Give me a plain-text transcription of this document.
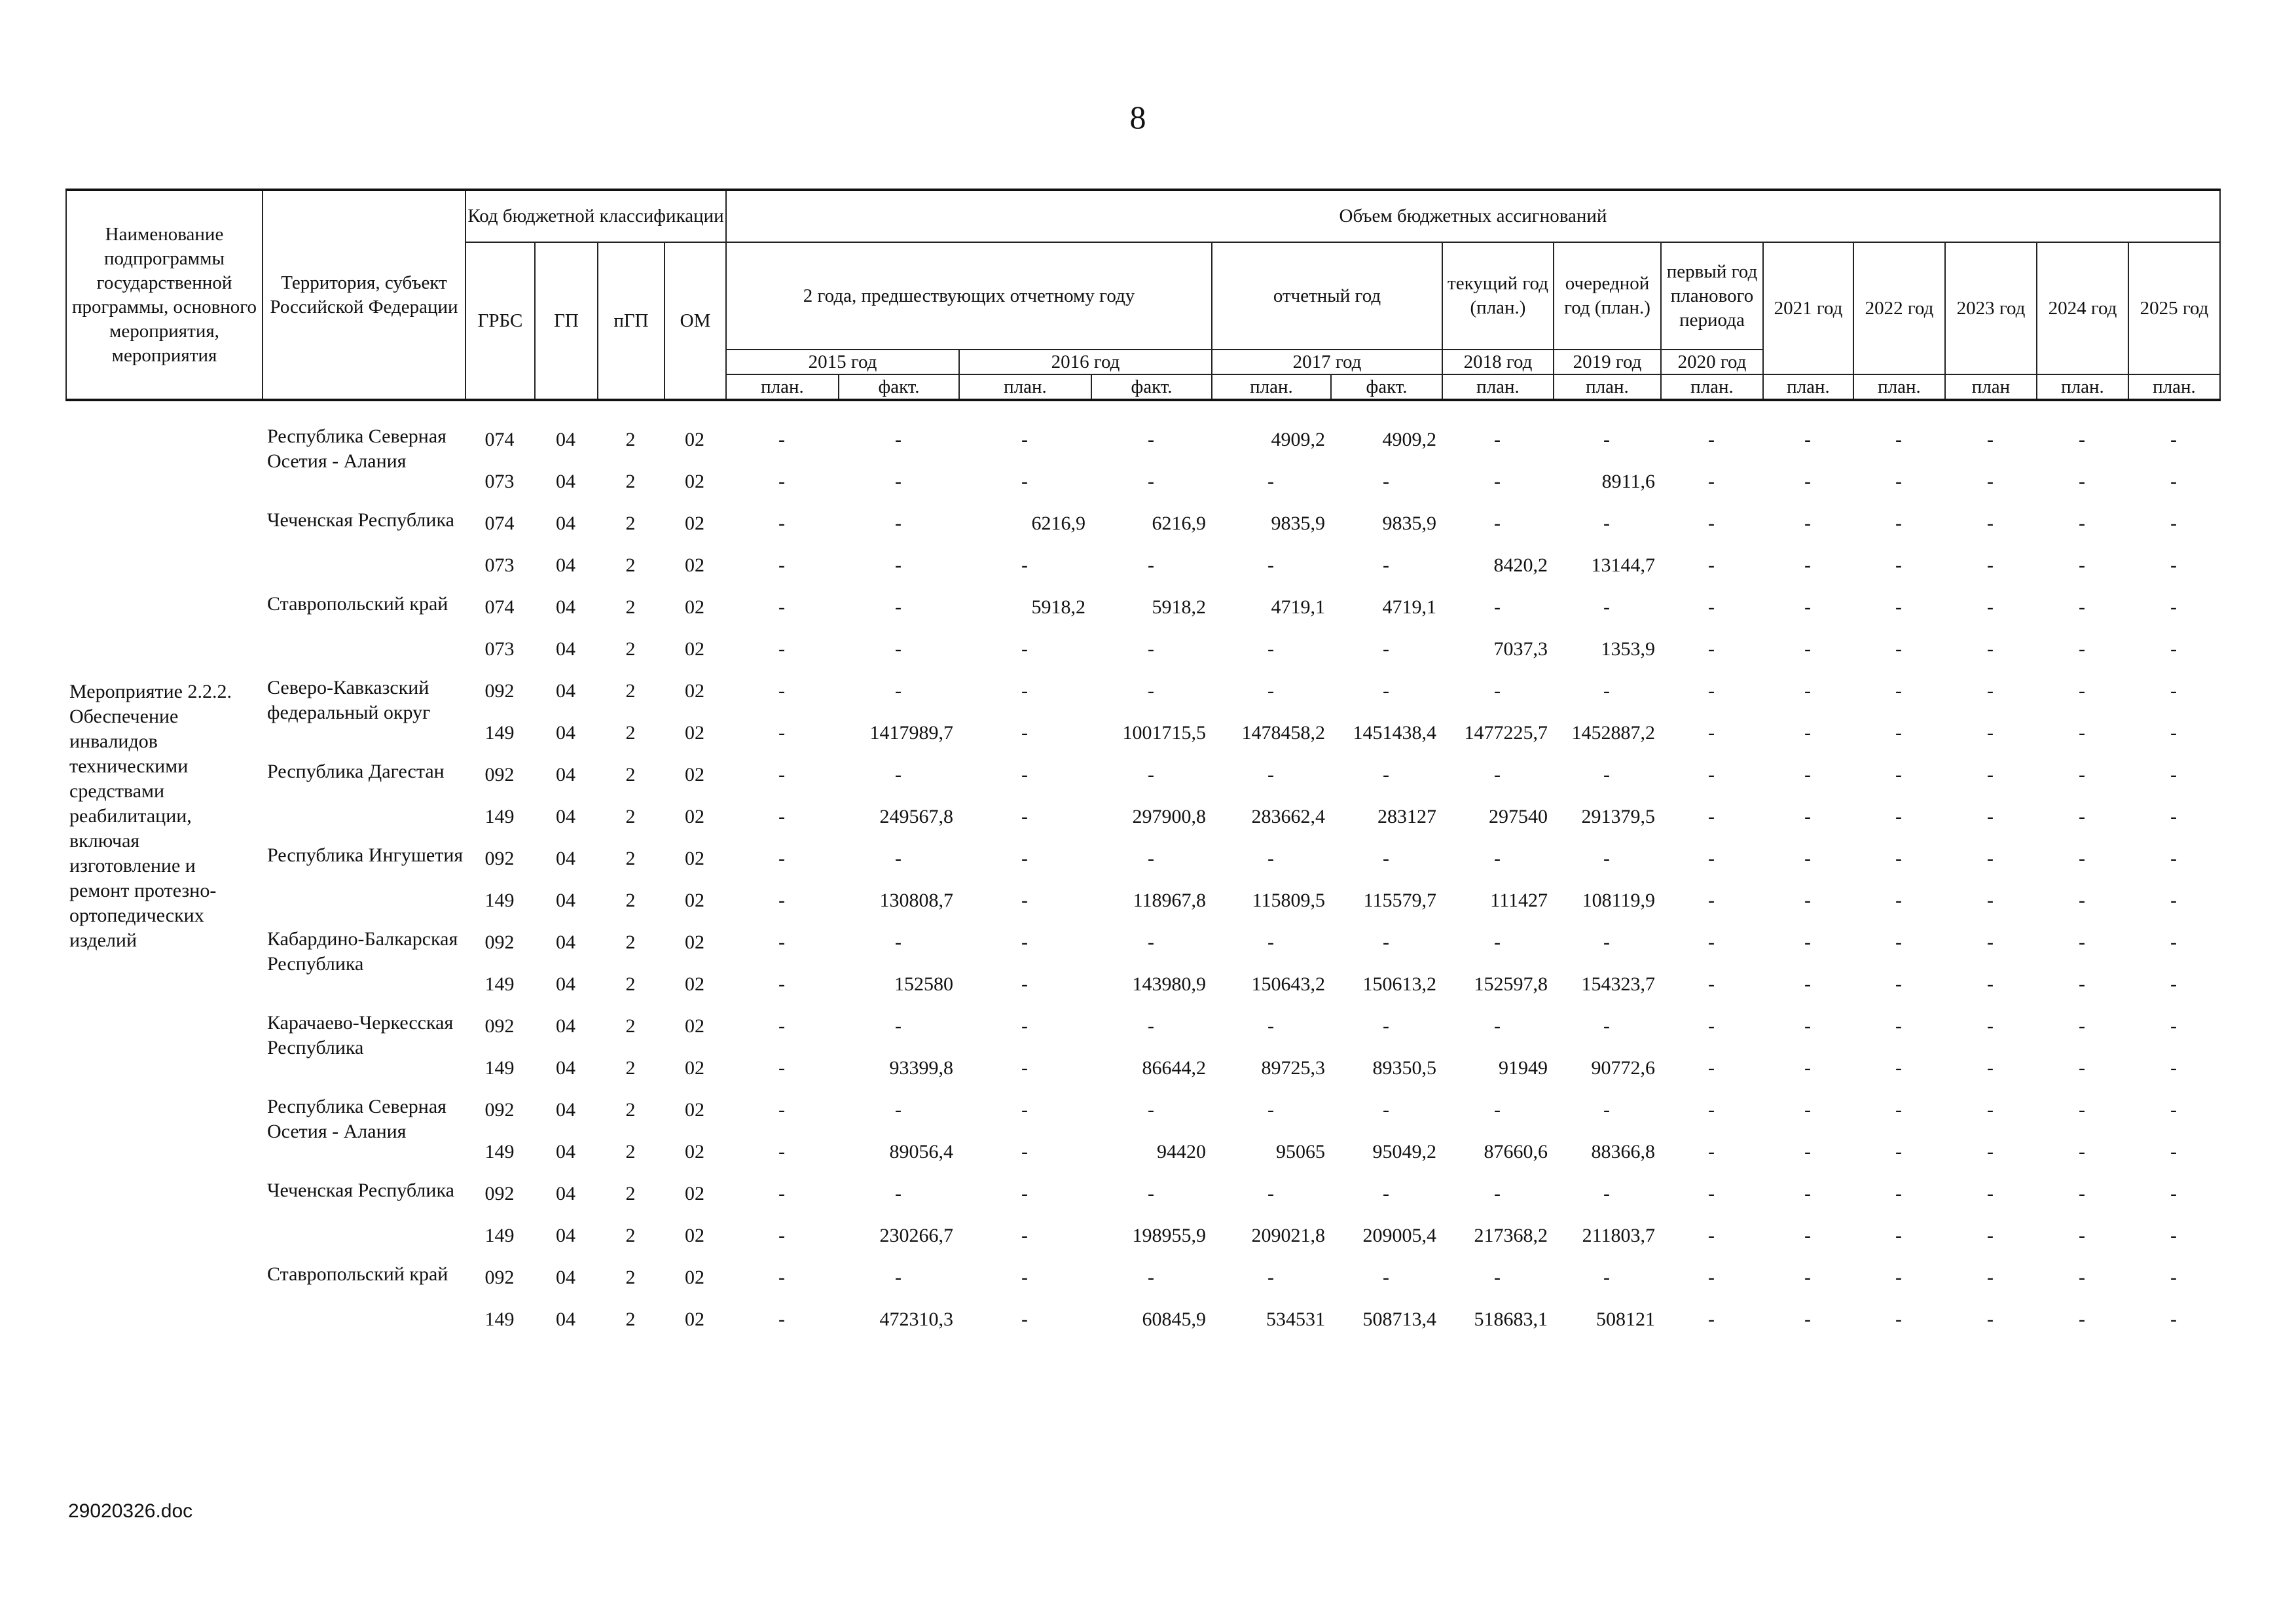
8
Наименование подпрограммы государственной программы, основного мероприятия, мероприятия	Территория, субъект Российской Федерации	Код бюджетной классификации				Объем бюджетных ассигнований													
		ГРБС	ГП	пГП	ОМ	2 года, предшествующих отчетному году				отчетный год		текущий год (план.)	очередной год (план.)	первый год планового периода	2021 год	2022 год	2023 год	2024 год	2025 год
						2015 год		2016 год		2017 год		2018 год	2019 год	2020 год					

						план.	факт.	план.	факт.	план.	факт.	план.	план.	план.	план.	план.	план	план.	план.
Мероприятие 2.2.2. Обеспечение инвалидов техническими средствами реабилитации, включая изготовление и ремонт протезно-ортопедических изделий	Республика Северная Осетия - Алания	074	04	2	02	-	-	-	-	4909,2	4909,2	-	-	-	-	-	-	-	-
		073	04	2	02	-	-	-	-	-	-	-	8911,6	-	-	-	-	-	-
	Чеченская Республика	074	04	2	02	-	-	6216,9	6216,9	9835,9	9835,9	-	-	-	-	-	-	-	-
		073	04	2	02	-	-	-	-	-	-	8420,2	13144,7	-	-	-	-	-	-
	Ставропольский край	074	04	2	02	-	-	5918,2	5918,2	4719,1	4719,1	-	-	-	-	-	-	-	-
		073	04	2	02	-	-	-	-	-	-	7037,3	1353,9	-	-	-	-	-	-
	Северо-Кавказский федеральный округ	092	04	2	02	-	-	-	-	-	-	-	-	-	-	-	-	-	-
		149	04	2	02	-	1417989,7	-	1001715,5	1478458,2	1451438,4	1477225,7	1452887,2	-	-	-	-	-	-
	Республика Дагестан	092	04	2	02	-	-	-	-	-	-	-	-	-	-	-	-	-	-
		149	04	2	02	-	249567,8	-	297900,8	283662,4	283127	297540	291379,5	-	-	-	-	-	-
	Республика Ингушетия	092	04	2	02	-	-	-	-	-	-	-	-	-	-	-	-	-	-
		149	04	2	02	-	130808,7	-	118967,8	115809,5	115579,7	111427	108119,9	-	-	-	-	-	-
	Кабардино-Балкарская Республика	092	04	2	02	-	-	-	-	-	-	-	-	-	-	-	-	-	-
		149	04	2	02	-	152580	-	143980,9	150643,2	150613,2	152597,8	154323,7	-	-	-	-	-	-
	Карачаево-Черкесская Республика	092	04	2	02	-	-	-	-	-	-	-	-	-	-	-	-	-	-
		149	04	2	02	-	93399,8	-	86644,2	89725,3	89350,5	91949	90772,6	-	-	-	-	-	-
	Республика Северная Осетия - Алания	092	04	2	02	-	-	-	-	-	-	-	-	-	-	-	-	-	-
		149	04	2	02	-	89056,4	-	94420	95065	95049,2	87660,6	88366,8	-	-	-	-	-	-
	Чеченская Республика	092	04	2	02	-	-	-	-	-	-	-	-	-	-	-	-	-	-
		149	04	2	02	-	230266,7	-	198955,9	209021,8	209005,4	217368,2	211803,7	-	-	-	-	-	-
	Ставропольский край	092	04	2	02	-	-	-	-	-	-	-	-	-	-	-	-	-	-
		149	04	2	02	-	472310,3	-	60845,9	534531	508713,4	518683,1	508121	-	-	-	-	-	-
29020326.doc
